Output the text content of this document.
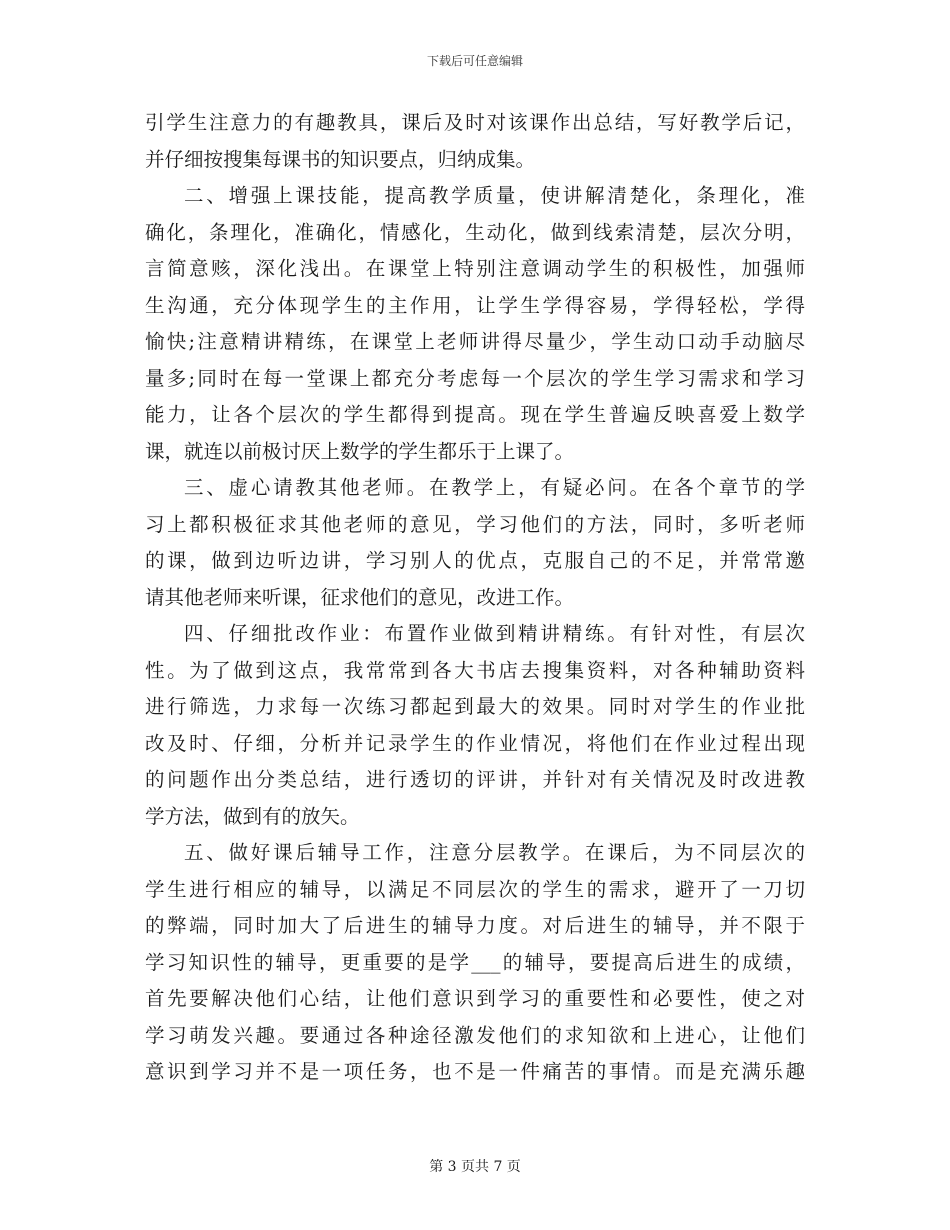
下载后可任意编辑
引学生注意力的有趣教具，课后及时对该课作出总结，写好教学后记，
并仔细按搜集每课书的知识要点，归纳成集。
二、增强上课技能，提高教学质量，使讲解清楚化，条理化，准
确化，条理化，准确化，情感化，生动化，做到线索清楚，层次分明，
言简意赅，深化浅出。在课堂上特别注意调动学生的积极性，加强师
生沟通，充分体现学生的主作用，让学生学得容易，学得轻松，学得
愉快;注意精讲精练，在课堂上老师讲得尽量少，学生动口动手动脑尽
量多;同时在每一堂课上都充分考虑每一个层次的学生学习需求和学习
能力，让各个层次的学生都得到提高。现在学生普遍反映喜爱上数学
课，就连以前极讨厌上数学的学生都乐于上课了。
三、虚心请教其他老师。在教学上，有疑必问。在各个章节的学
习上都积极征求其他老师的意见，学习他们的方法，同时，多听老师
的课，做到边听边讲，学习别人的优点，克服自己的不足，并常常邀
请其他老师来听课，征求他们的意见，改进工作。
四、仔细批改作业：布置作业做到精讲精练。有针对性，有层次
性。为了做到这点，我常常到各大书店去搜集资料，对各种辅助资料
进行筛选，力求每一次练习都起到最大的效果。同时对学生的作业批
改及时、仔细，分析并记录学生的作业情况，将他们在作业过程出现
的问题作出分类总结，进行透切的评讲，并针对有关情况及时改进教
学方法，做到有的放矢。
五、做好课后辅导工作，注意分层教学。在课后，为不同层次的
学生进行相应的辅导，以满足不同层次的学生的需求，避开了一刀切
的弊端，同时加大了后进生的辅导力度。对后进生的辅导，并不限于
学习知识性的辅导，更重要的是学___的辅导，要提高后进生的成绩，
首先要解决他们心结，让他们意识到学习的重要性和必要性，使之对
学习萌发兴趣。要通过各种途径激发他们的求知欲和上进心，让他们
意识到学习并不是一项任务，也不是一件痛苦的事情。而是充满乐趣
第 3 页共 7 页
